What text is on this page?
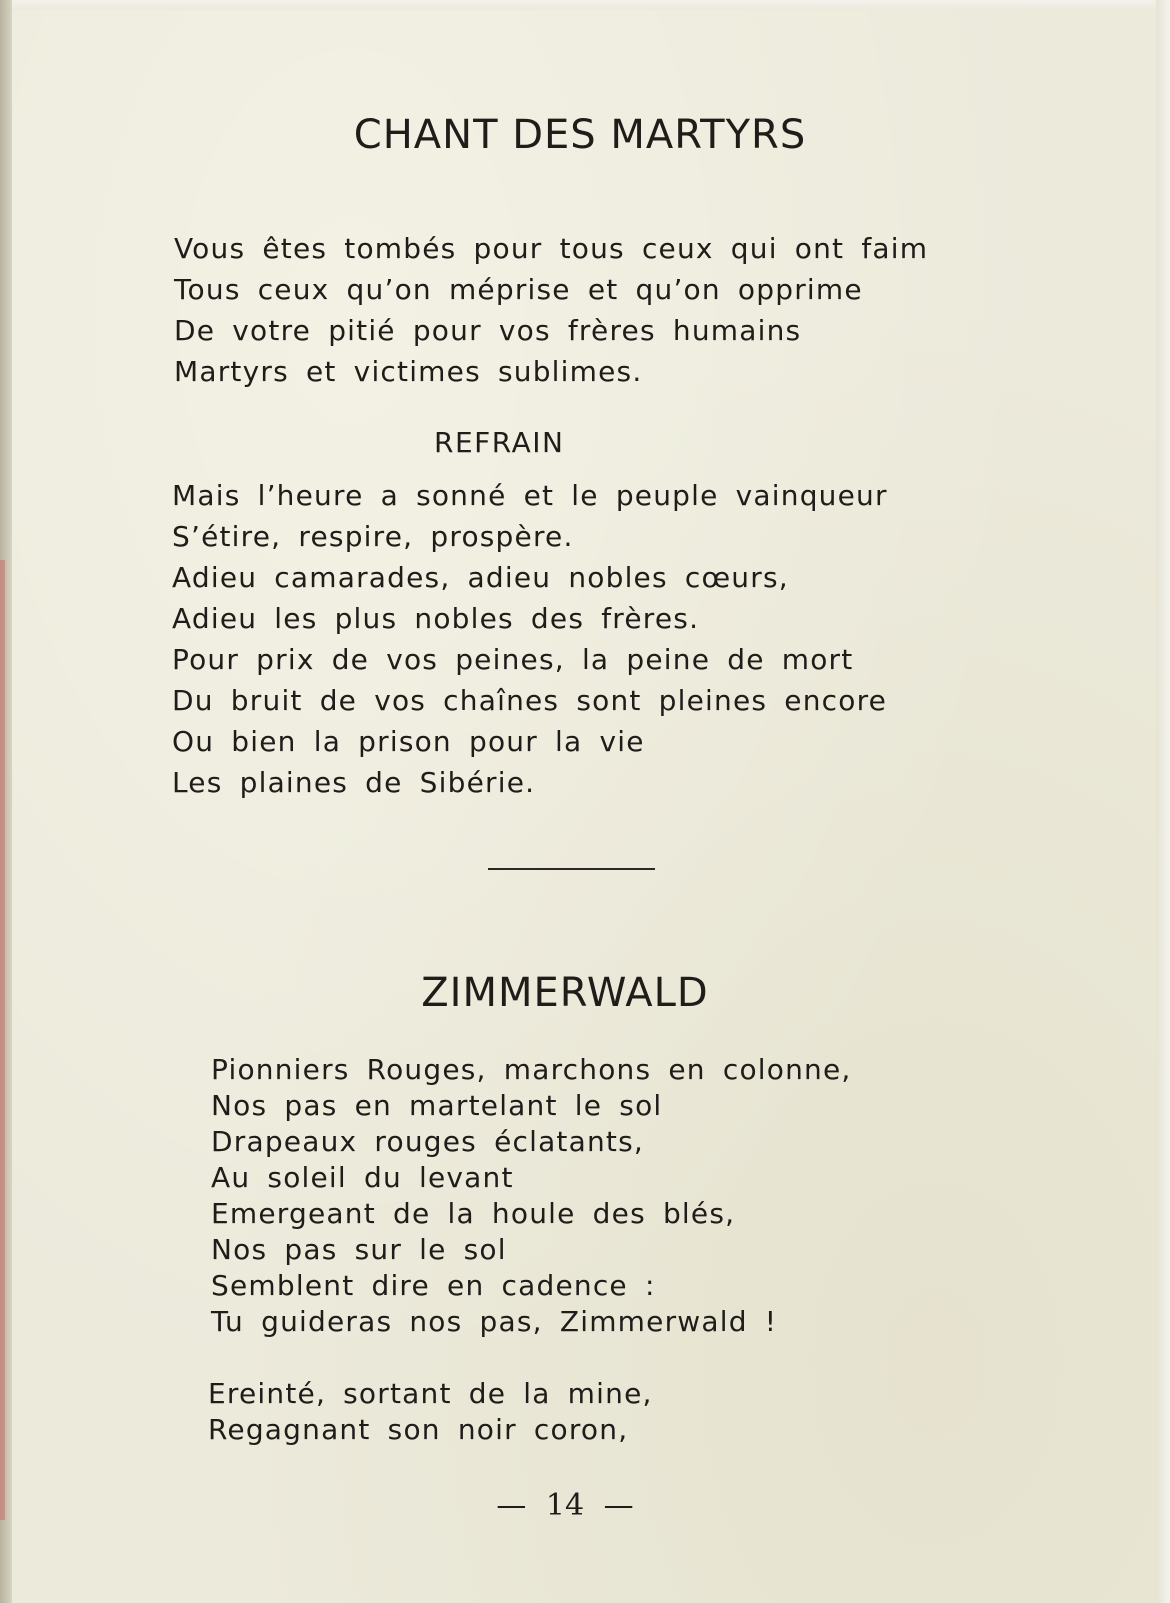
CHANT DES MARTYRS
Vous êtes tombés pour tous ceux qui ont faim
Tous ceux qu’on méprise et qu’on opprime
De votre pitié pour vos frères humains
Martyrs et victimes sublimes.
REFRAIN
Mais l’heure a sonné et le peuple vainqueur
S’étire, respire, prospère.
Adieu camarades, adieu nobles cœurs,
Adieu les plus nobles des frères.
Pour prix de vos peines, la peine de mort
Du bruit de vos chaînes sont pleines encore
Ou bien la prison pour la vie
Les plaines de Sibérie.
ZIMMERWALD
Pionniers Rouges, marchons en colonne,
Nos pas en martelant le sol
Drapeaux rouges éclatants,
Au soleil du levant
Emergeant de la houle des blés,
Nos pas sur le sol
Semblent dire en cadence :
Tu guideras nos pas, Zimmerwald !
Ereinté, sortant de la mine,
Regagnant son noir coron,
— 14 —
